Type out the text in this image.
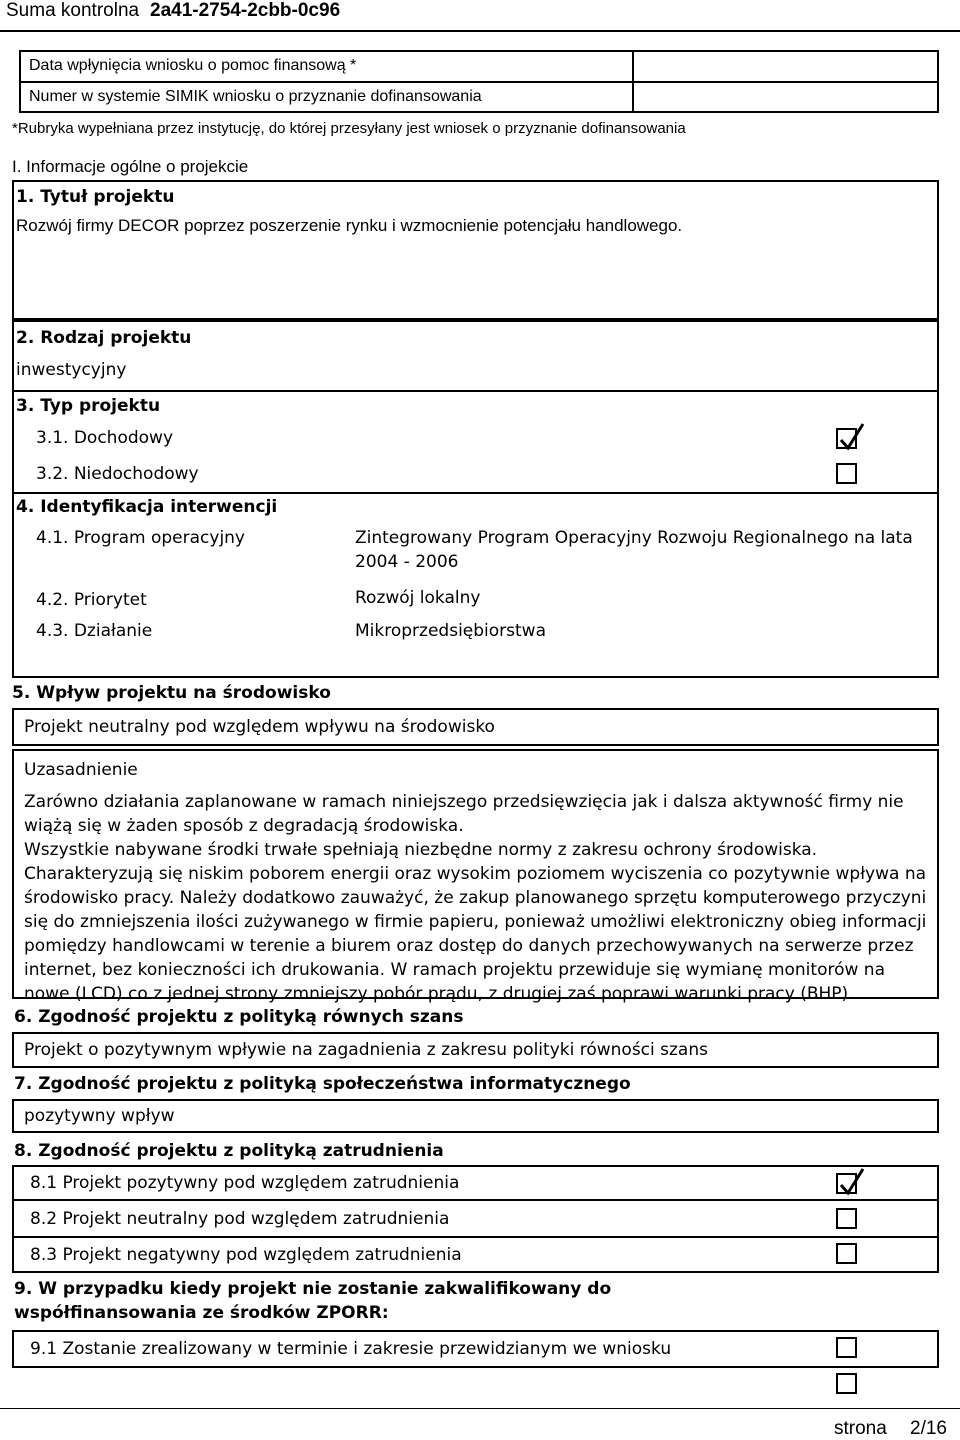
Suma kontrolna 2a41-2754-2cbb-0c96
Data wpłynięcia wniosku o pomoc finansową *
Numer w systemie SIMIK wniosku o przyznanie dofinansowania
*Rubryka wypełniana przez instytucję, do której przesyłany jest wniosek o przyznanie dofinansowania
I. Informacje ogólne o projekcie
1. Tytuł projektu
Rozwój firmy DECOR poprzez poszerzenie rynku i wzmocnienie potencjału handlowego.
2. Rodzaj projektu
inwestycyjny
3. Typ projektu
3.1. Dochodowy
3.2. Niedochodowy
4. Identyfikacja interwencji
4.1. Program operacyjny	Zintegrowany Program Operacyjny Rozwoju Regionalnego na lata
2004 - 2006
4.2. Priorytet	Rozwój lokalny
4.3. Działanie	Mikroprzedsiębiorstwa
5. Wpływ projektu na środowisko
Projekt neutralny pod względem wpływu na środowisko
Uzasadnienie
Zarówno działania zaplanowane w ramach niniejszego przedsięwzięcia jak i dalsza aktywność firmy nie
wiążą się w żaden sposób z degradacją środowiska.
Wszystkie nabywane środki trwałe spełniają niezbędne normy z zakresu ochrony środowiska.
Charakteryzują się niskim poborem energii oraz wysokim poziomem wyciszenia co pozytywnie wpływa na
środowisko pracy. Należy dodatkowo zauważyć, że zakup planowanego sprzętu komputerowego przyczyni
się do zmniejszenia ilości zużywanego w firmie papieru, ponieważ umożliwi elektroniczny obieg informacji
pomiędzy handlowcami w terenie a biurem oraz dostęp do danych przechowywanych na serwerze przez
internet, bez konieczności ich drukowania. W ramach projektu przewiduje się wymianę monitorów na
nowe (LCD) co z jednej strony zmniejszy pobór prądu, z drugiej zaś poprawi warunki pracy (BHP).
6. Zgodność projektu z polityką równych szans
Projekt o pozytywnym wpływie na zagadnienia z zakresu polityki równości szans
7. Zgodność projektu z polityką społeczeństwa informatycznego
pozytywny wpływ
8. Zgodność projektu z polityką zatrudnienia
8.1 Projekt pozytywny pod względem zatrudnienia
8.2 Projekt neutralny pod względem zatrudnienia
8.3 Projekt negatywny pod względem zatrudnienia
9. W przypadku kiedy projekt nie zostanie zakwalifikowany do
współfinansowania ze środków ZPORR:
9.1 Zostanie zrealizowany w terminie i zakresie przewidzianym we wniosku
strona 2/16
